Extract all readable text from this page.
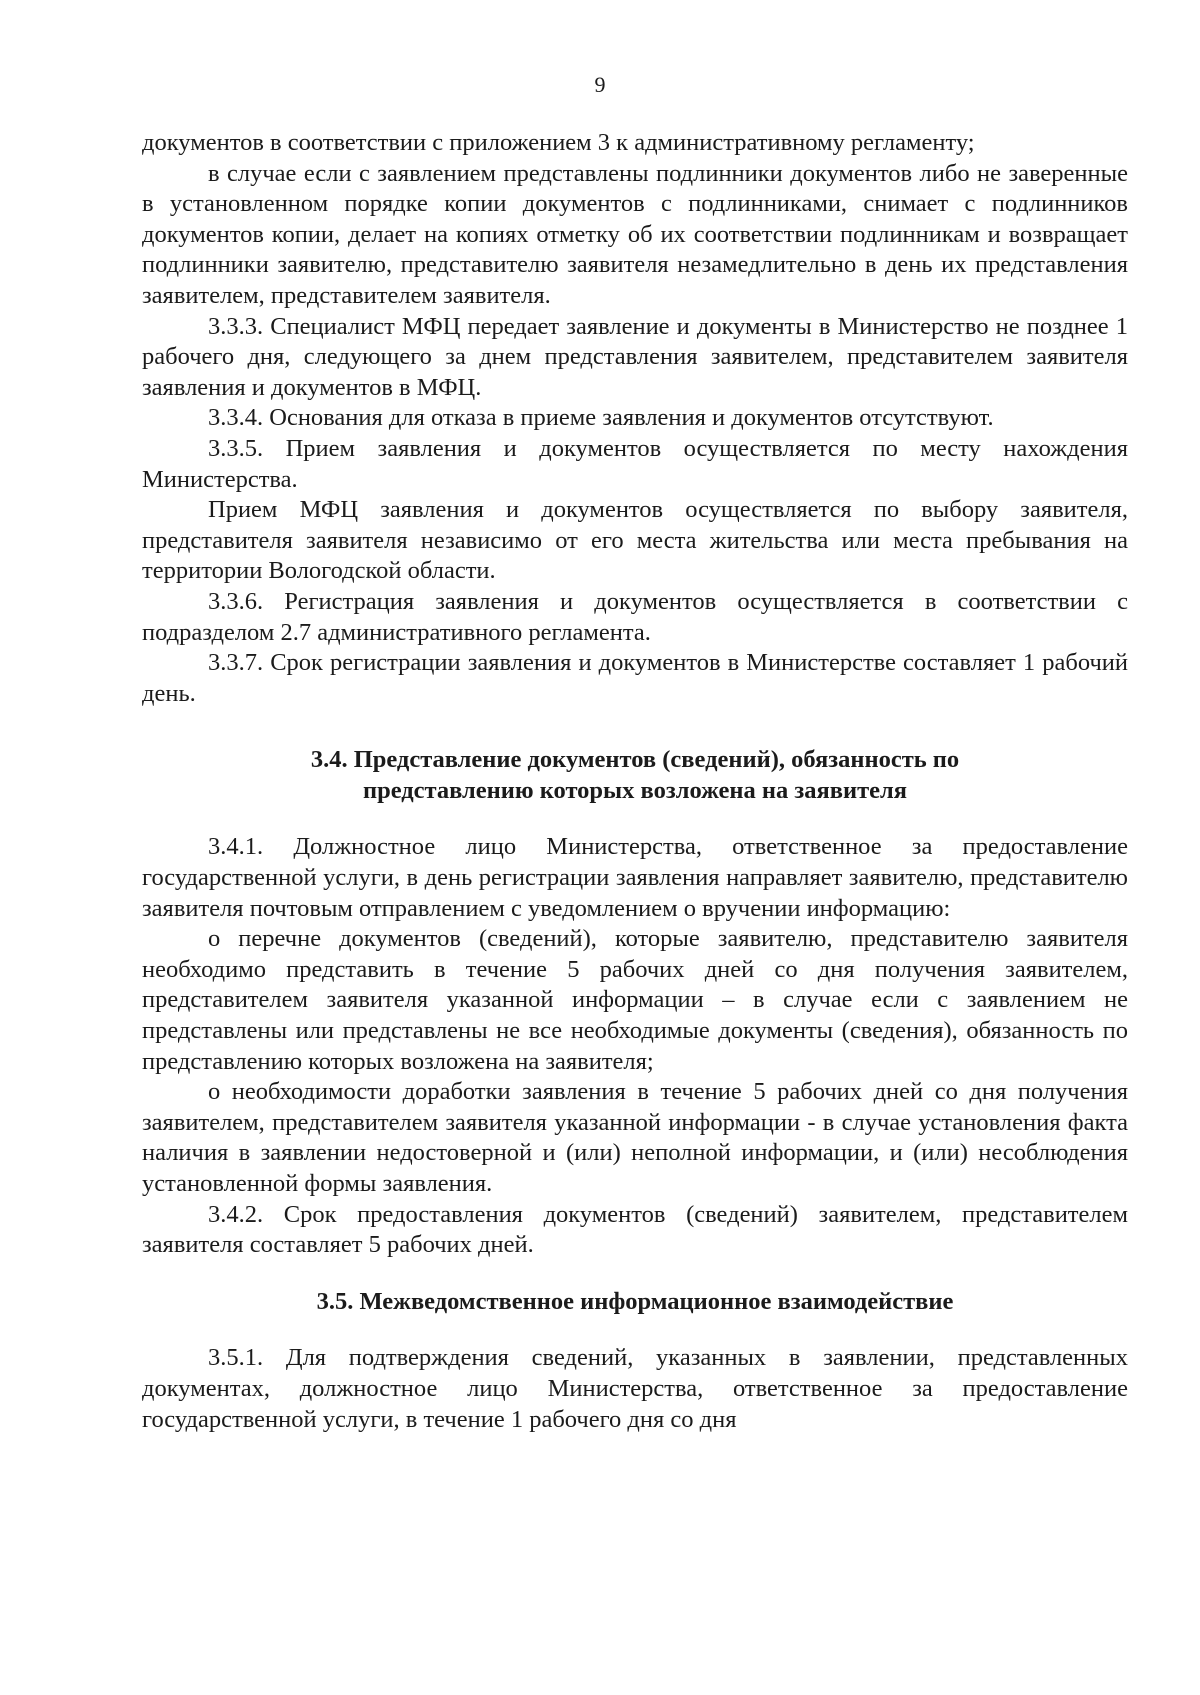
9

документов в соответствии с приложением 3 к административному регламенту;

в случае если с заявлением представлены подлинники документов либо не заверенные в установленном порядке копии документов с подлинниками, снимает с подлинников документов копии, делает на копиях отметку об их соответствии подлинникам и возвращает подлинники заявителю, представителю заявителя незамедлительно в день их представления заявителем, представителем заявителя.

3.3.3. Специалист МФЦ передает заявление и документы в Министерство не позднее 1 рабочего дня, следующего за днем представления заявителем, представителем заявителя заявления и документов в МФЦ.

3.3.4. Основания для отказа в приеме заявления и документов отсутствуют.

3.3.5. Прием заявления и документов осуществляется по месту нахождения Министерства.

Прием МФЦ заявления и документов осуществляется по выбору заявителя, представителя заявителя независимо от его места жительства или места пребывания на территории Вологодской области.

3.3.6. Регистрация заявления и документов осуществляется в соответствии с подразделом 2.7 административного регламента.

3.3.7. Срок регистрации заявления и документов в Министерстве составляет 1 рабочий день.

3.4. Представление документов (сведений), обязанность по
представлению которых возложена на заявителя

3.4.1. Должностное лицо Министерства, ответственное за предоставление государственной услуги, в день регистрации заявления направляет заявителю, представителю заявителя почтовым отправлением с уведомлением о вручении информацию:

о перечне документов (сведений), которые заявителю, представителю заявителя необходимо представить в течение 5 рабочих дней со дня получения заявителем, представителем заявителя указанной информации – в случае если с заявлением не представлены или представлены не все необходимые документы (сведения), обязанность по представлению которых возложена на заявителя;

о необходимости доработки заявления в течение 5 рабочих дней со дня получения заявителем, представителем заявителя указанной информации - в случае установления факта наличия в заявлении недостоверной и (или) неполной информации, и (или) несоблюдения установленной формы заявления.

3.4.2. Срок предоставления документов (сведений) заявителем, представителем заявителя составляет 5 рабочих дней.

3.5. Межведомственное информационное взаимодействие

3.5.1. Для подтверждения сведений, указанных в заявлении, представленных документах, должностное лицо Министерства, ответственное за предоставление государственной услуги, в течение 1 рабочего дня со дня
